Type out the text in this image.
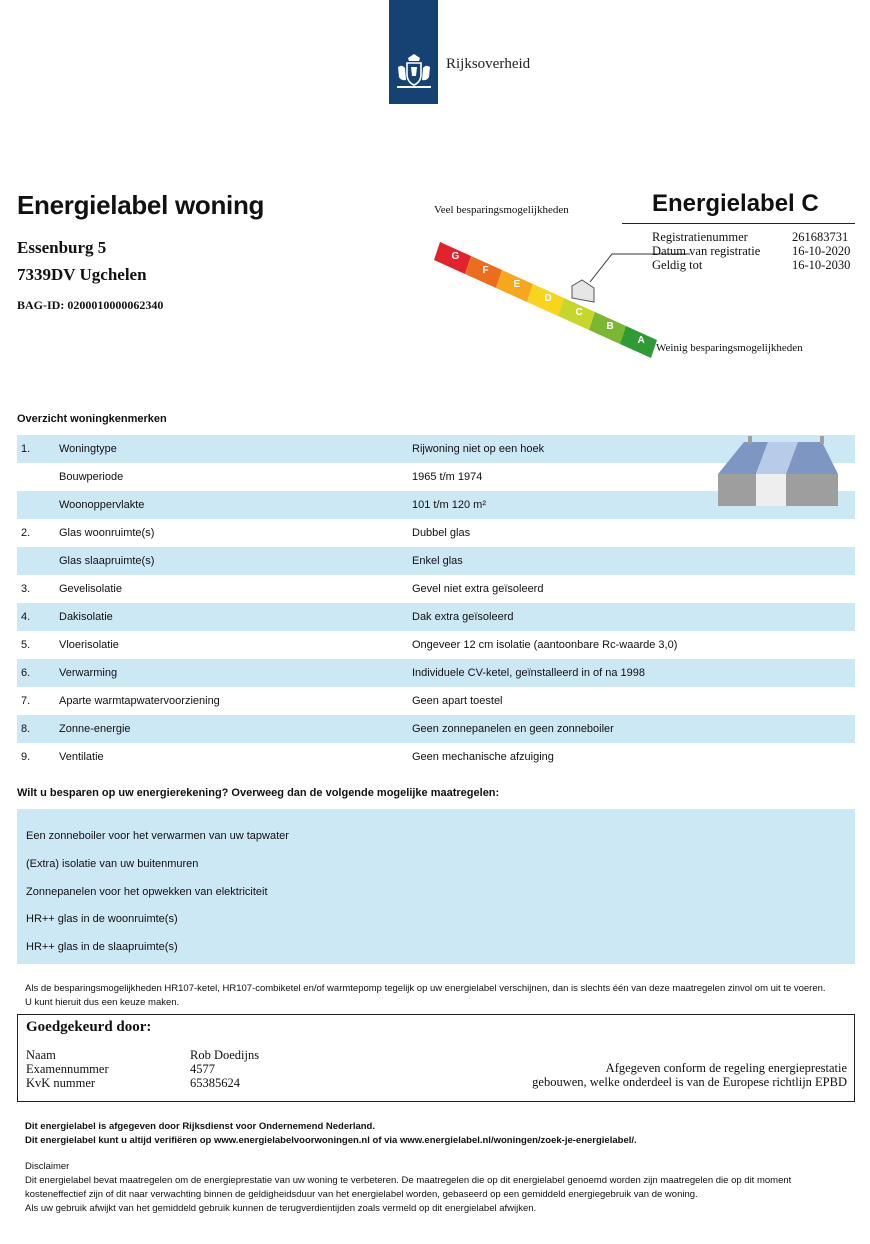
Rijksoverheid
Energielabel woning
Essenburg 5
7339DV Ugchelen
BAG-ID: 0200010000062340
Veel besparingsmogelijkheden
G
F
E
D
C
B
A
Weinig besparingsmogelijkheden
Energielabel C
Registratienummer	261683731
Datum van registratie	16-10-2020
Geldig tot	16-10-2030
Overzicht woningkenmerken
1.	Woningtype	Rijwoning niet op een hoek
Bouwperiode	1965 t/m 1974
Woonoppervlakte	101 t/m 120 m²
2.	Glas woonruimte(s)	Dubbel glas
Glas slaapruimte(s)	Enkel glas
3.	Gevelisolatie	Gevel niet extra geïsoleerd
4.	Dakisolatie	Dak extra geïsoleerd
5.	Vloerisolatie	Ongeveer 12 cm isolatie (aantoonbare Rc-waarde 3,0)
6.	Verwarming	Individuele CV-ketel, geïnstalleerd in of na 1998
7.	Aparte warmtapwatervoorziening	Geen apart toestel
8.	Zonne-energie	Geen zonnepanelen en geen zonneboiler
9.	Ventilatie	Geen mechanische afzuiging
Wilt u besparen op uw energierekening? Overweeg dan de volgende mogelijke maatregelen:
Een zonneboiler voor het verwarmen van uw tapwater
(Extra) isolatie van uw buitenmuren
Zonnepanelen voor het opwekken van elektriciteit
HR++ glas in de woonruimte(s)
HR++ glas in de slaapruimte(s)
Als de besparingsmogelijkheden HR107-ketel, HR107-combiketel en/of warmtepomp tegelijk op uw energielabel verschijnen, dan is slechts één van deze maatregelen zinvol om uit te voeren. U kunt hieruit dus een keuze maken.
Goedgekeurd door:
Naam	Rob Doedijns
Examennummer	4577
KvK nummer	65385624
Afgegeven conform de regeling energieprestatie
gebouwen, welke onderdeel is van de Europese richtlijn EPBD
Dit energielabel is afgegeven door Rijksdienst voor Ondernemend Nederland.
Dit energielabel kunt u altijd verifiëren op www.energielabelvoorwoningen.nl of via www.energielabel.nl/woningen/zoek-je-energielabel/.
Disclaimer
Dit energielabel bevat maatregelen om de energieprestatie van uw woning te verbeteren. De maatregelen die op dit energielabel genoemd worden zijn maatregelen die op dit moment kosteneffectief zijn of dit naar verwachting binnen de geldigheidsduur van het energielabel worden, gebaseerd op een gemiddeld energiegebruik van de woning.
Als uw gebruik afwijkt van het gemiddeld gebruik kunnen de terugverdientijden zoals vermeld op dit energielabel afwijken.
